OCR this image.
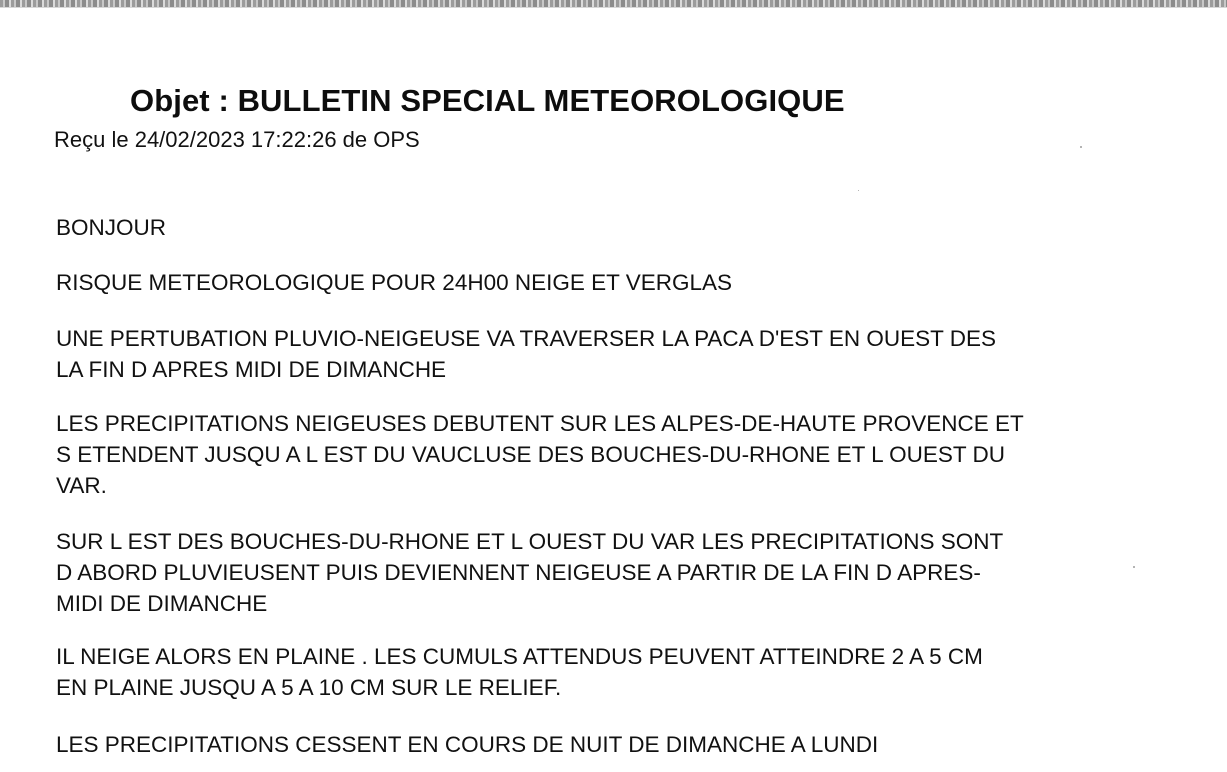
Objet : BULLETIN SPECIAL METEOROLOGIQUE
Reçu le 24/02/2023 17:22:26 de OPS
BONJOUR
RISQUE METEOROLOGIQUE POUR 24H00 NEIGE ET VERGLAS
UNE PERTUBATION PLUVIO-NEIGEUSE VA TRAVERSER LA PACA D'EST EN OUEST DES
LA FIN D APRES MIDI DE DIMANCHE
LES PRECIPITATIONS NEIGEUSES DEBUTENT SUR LES ALPES-DE-HAUTE PROVENCE ET
S ETENDENT JUSQU A L EST DU VAUCLUSE DES BOUCHES-DU-RHONE ET L OUEST DU
VAR.
SUR L EST DES BOUCHES-DU-RHONE ET L OUEST DU VAR LES PRECIPITATIONS SONT
D ABORD PLUVIEUSENT PUIS DEVIENNENT NEIGEUSE A PARTIR DE LA FIN D APRES-
MIDI DE DIMANCHE
IL NEIGE ALORS EN PLAINE . LES CUMULS ATTENDUS PEUVENT ATTEINDRE 2 A 5 CM
EN PLAINE JUSQU A 5 A 10 CM SUR LE RELIEF.
LES PRECIPITATIONS CESSENT EN COURS DE NUIT DE DIMANCHE A LUNDI
